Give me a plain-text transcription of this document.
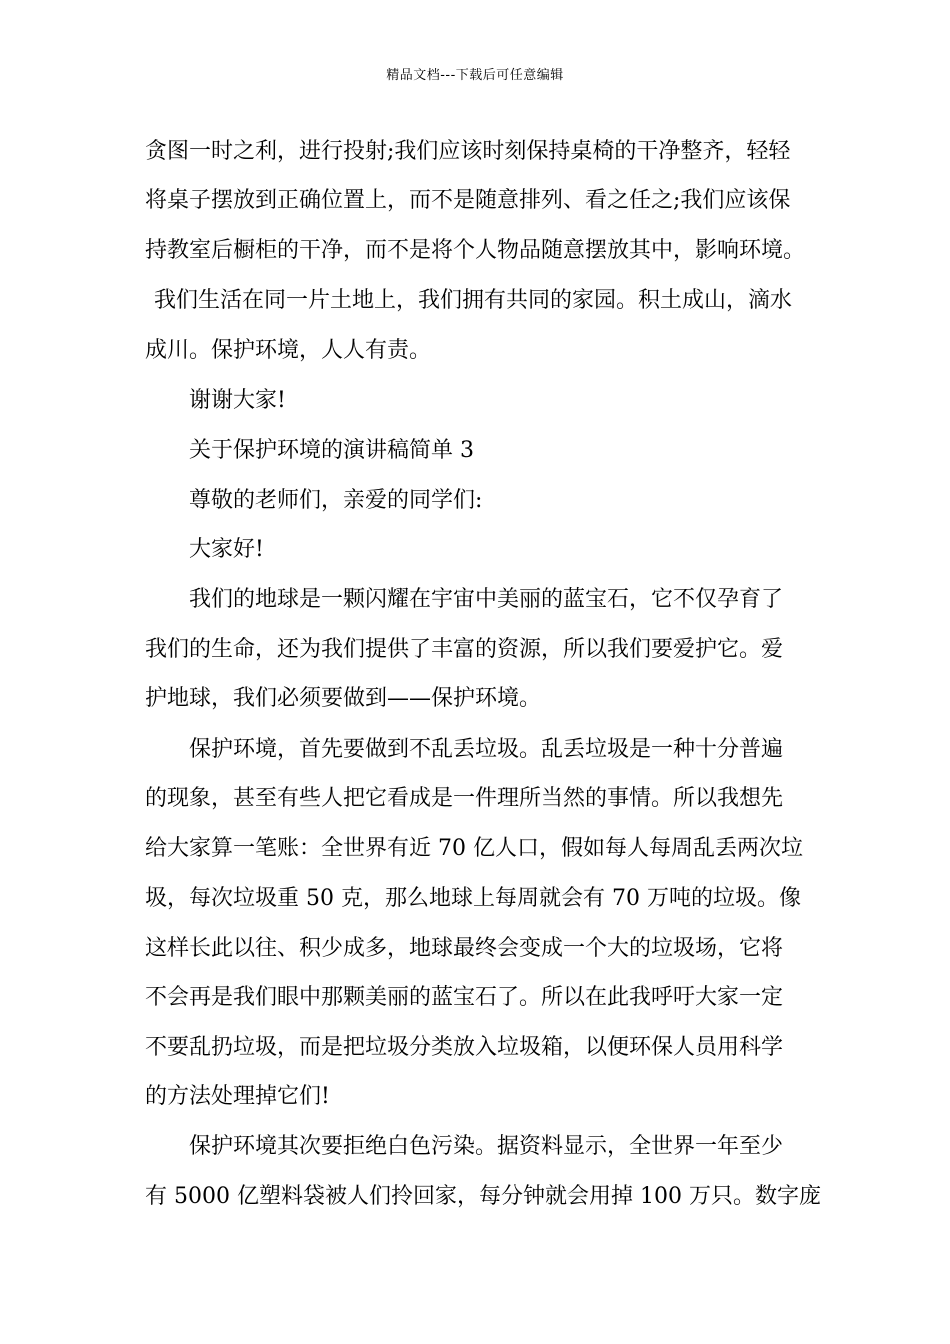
精品文档---下载后可任意编辑
贪图一时之利，进行投射;我们应该时刻保持桌椅的干净整齐，轻轻
将桌子摆放到正确位置上，而不是随意排列、看之任之;我们应该保
持教室后橱柜的干净，而不是将个人物品随意摆放其中，影响环境。
我们生活在同一片土地上，我们拥有共同的家园。积土成山，滴水
成川。保护环境，人人有责。
谢谢大家!
关于保护环境的演讲稿简单 3
尊敬的老师们，亲爱的同学们:
大家好!
我们的地球是一颗闪耀在宇宙中美丽的蓝宝石，它不仅孕育了
我们的生命，还为我们提供了丰富的资源，所以我们要爱护它。爱
护地球，我们必须要做到——保护环境。
保护环境，首先要做到不乱丢垃圾。乱丢垃圾是一种十分普遍
的现象，甚至有些人把它看成是一件理所当然的事情。所以我想先
给大家算一笔账：全世界有近 70 亿人口，假如每人每周乱丢两次垃
圾，每次垃圾重 50 克，那么地球上每周就会有 70 万吨的垃圾。像
这样长此以往、积少成多，地球最终会变成一个大的垃圾场，它将
不会再是我们眼中那颗美丽的蓝宝石了。所以在此我呼吁大家一定
不要乱扔垃圾，而是把垃圾分类放入垃圾箱，以便环保人员用科学
的方法处理掉它们!
保护环境其次要拒绝白色污染。据资料显示，全世界一年至少
有 5000 亿塑料袋被人们拎回家，每分钟就会用掉 100 万只。数字庞
